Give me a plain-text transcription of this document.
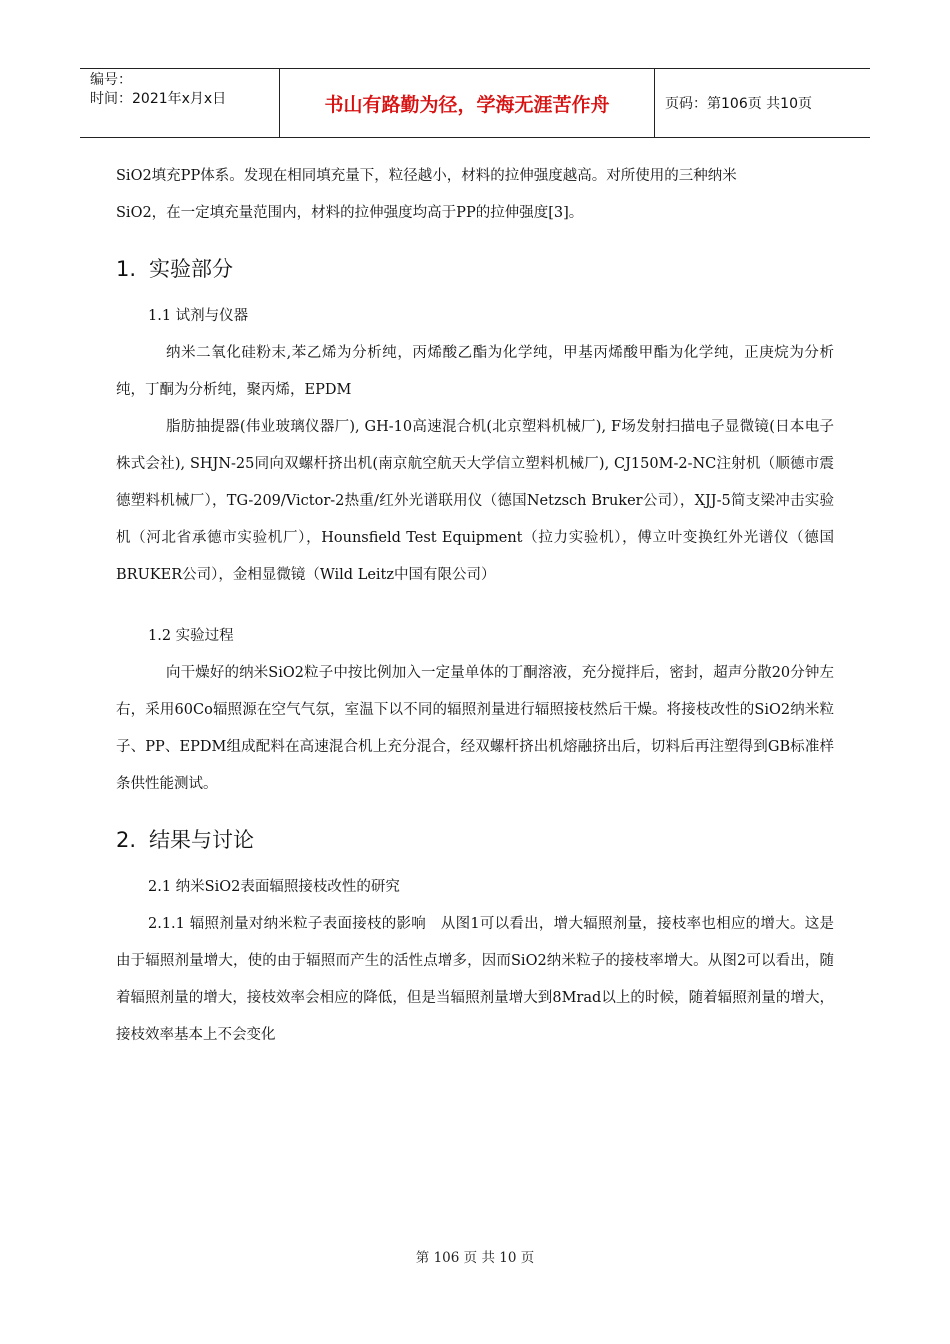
编号：
时间：2021年x月x日	书山有路勤为径，学海无涯苦作舟	页码：第106页 共10页

SiO2填充PP体系。发现在相同填充量下，粒径越小，材料的拉伸强度越高。对所使用的三种纳米

SiO2，在一定填充量范围内，材料的拉伸强度均高于PP的拉伸强度[3]。

1. 实验部分

1.1 试剂与仪器

纳米二氧化硅粉末,苯乙烯为分析纯，丙烯酸乙酯为化学纯，甲基丙烯酸甲酯为化学纯，正庚烷为分析纯，丁酮为分析纯，聚丙烯，EPDM

脂肪抽提器(伟业玻璃仪器厂), GH-10高速混合机(北京塑料机械厂), F场发射扫描电子显微镜(日本电子株式会社), SHJN-25同向双螺杆挤出机(南京航空航天大学信立塑料机械厂), CJ150M-2-NC注射机（顺德市震德塑料机械厂），TG-209/Victor-2热重/红外光谱联用仪（德国Netzsch Bruker公司），XJJ-5简支梁冲击实验机（河北省承德市实验机厂），Hounsfield Test Equipment（拉力实验机），傅立叶变换红外光谱仪（德国BRUKER公司），金相显微镜（Wild Leitz中国有限公司）

1.2 实验过程

向干燥好的纳米SiO2粒子中按比例加入一定量单体的丁酮溶液，充分搅拌后，密封，超声分散20分钟左右，采用60Co辐照源在空气气氛，室温下以不同的辐照剂量进行辐照接枝然后干燥。将接枝改性的SiO2纳米粒子、PP、EPDM组成配料在高速混合机上充分混合，经双螺杆挤出机熔融挤出后，切料后再注塑得到GB标准样条供性能测试。

2. 结果与讨论

2.1 纳米SiO2表面辐照接枝改性的研究

2.1.1 辐照剂量对纳米粒子表面接枝的影响　从图1可以看出，增大辐照剂量，接枝率也相应的增大。这是由于辐照剂量增大，使的由于辐照而产生的活性点增多，因而SiO2纳米粒子的接枝率增大。从图2可以看出，随着辐照剂量的增大，接枝效率会相应的降低，但是当辐照剂量增大到8Mrad以上的时候，随着辐照剂量的增大，接枝效率基本上不会变化

第 106 页 共 10 页
